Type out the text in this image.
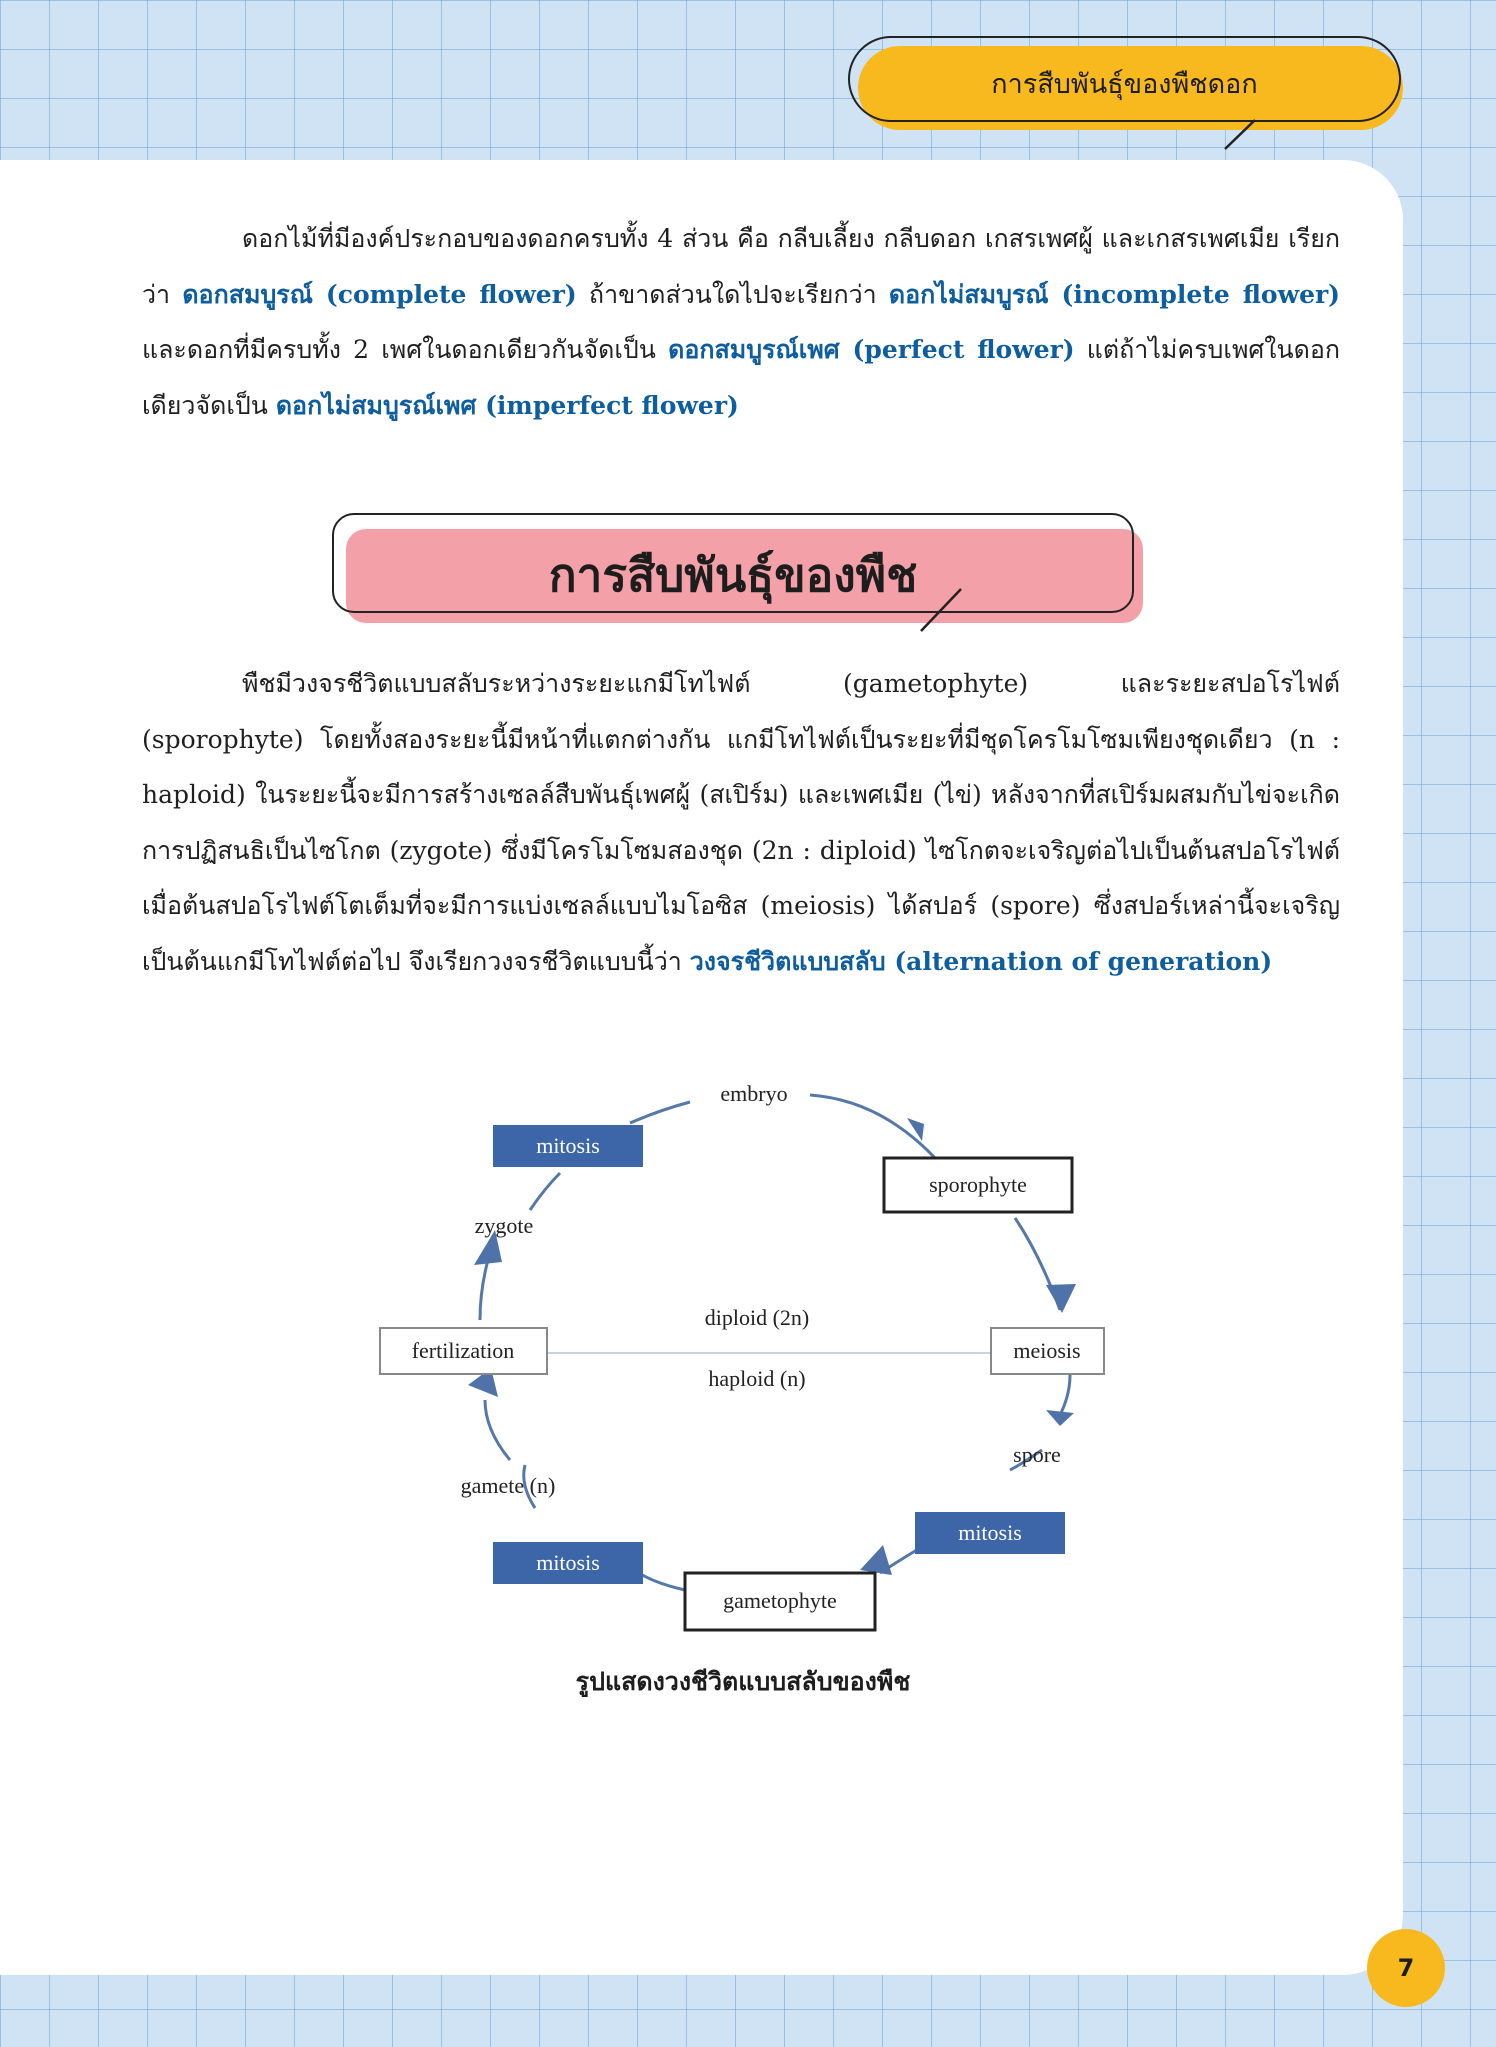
การสืบพันธุ์ของพืชดอก

ดอกไม้ที่มีองค์ประกอบของดอกครบทั้ง 4 ส่วน คือ กลีบเลี้ยง กลีบดอก เกสรเพศผู้ และเกสรเพศเมีย เรียกว่า ดอกสมบูรณ์ (complete flower) ถ้าขาดส่วนใดไปจะเรียกว่า ดอกไม่สมบูรณ์ (incomplete flower) และดอกที่มีครบทั้ง 2 เพศในดอกเดียวกันจัดเป็น ดอกสมบูรณ์เพศ (perfect flower) แต่ถ้าไม่ครบเพศในดอกเดียวจัดเป็น ดอกไม่สมบูรณ์เพศ (imperfect flower)

การสืบพันธุ์ของพืช

พืชมีวงจรชีวิตแบบสลับระหว่างระยะแกมีโทไฟต์ (gametophyte) และระยะสปอโรไฟต์ (sporophyte) โดยทั้งสองระยะนี้มีหน้าที่แตกต่างกัน แกมีโทไฟต์เป็นระยะที่มีชุดโครโมโซมเพียงชุดเดียว (n : haploid) ในระยะนี้จะมีการสร้างเซลล์สืบพันธุ์เพศผู้ (สเปิร์ม) และเพศเมีย (ไข่) หลังจากที่สเปิร์มผสมกับไข่จะเกิดการปฏิสนธิเป็นไซโกต (zygote) ซึ่งมีโครโมโซมสองชุด (2n : diploid) ไซโกตจะเจริญต่อไปเป็นต้นสปอโรไฟต์ เมื่อต้นสปอโรไฟต์โตเต็มที่จะมีการแบ่งเซลล์แบบไมโอซิส (meiosis) ได้สปอร์ (spore) ซึ่งสปอร์เหล่านี้จะเจริญเป็นต้นแกมีโทไฟต์ต่อไป จึงเรียกวงจรชีวิตแบบนี้ว่า วงจรชีวิตแบบสลับ (alternation of generation)

embryo
sporophyte
meiosis
spore
mitosis
gametophyte
mitosis
gamete (n)
fertilization
zygote
mitosis
diploid (2n)
haploid (n)
รูปแสดงวงชีวิตแบบสลับของพืช
7
